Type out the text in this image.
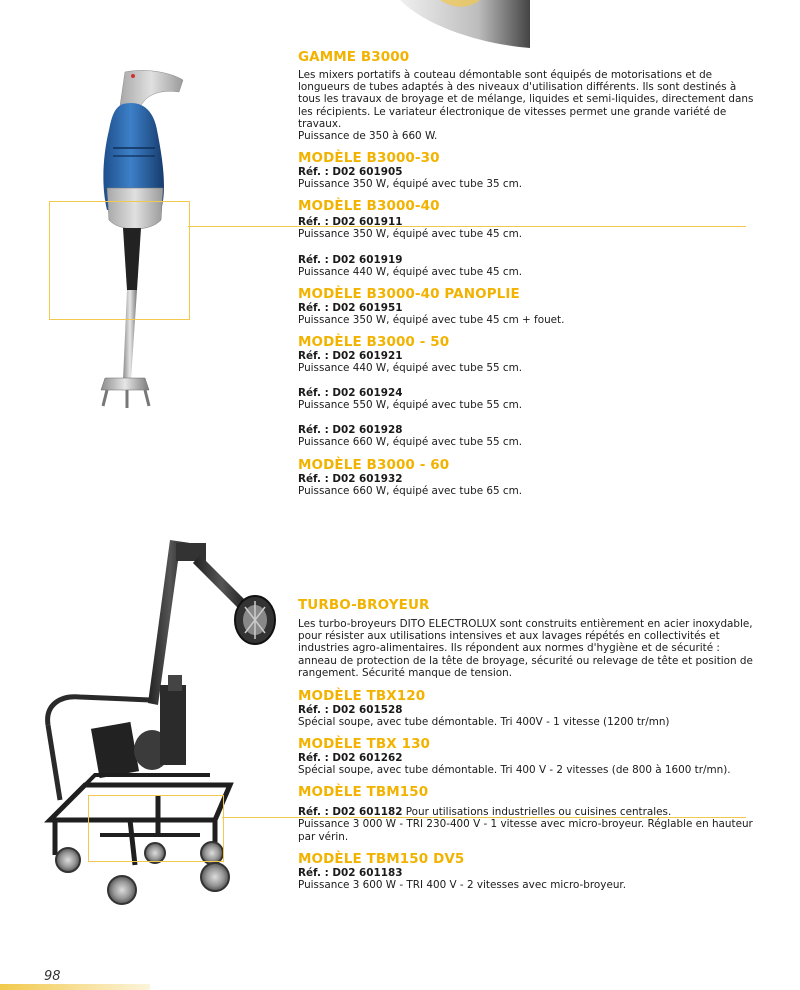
GAMME B3000

Les mixers portatifs à couteau démontable sont équipés de motorisations et de longueurs de tubes adaptés à des niveaux d'utilisation différents. Ils sont destinés à tous les travaux de broyage et de mélange, liquides et semi-liquides, directement dans les récipients. Le variateur électronique de vitesses permet une grande variété de travaux.

Puissance de 350 à 660 W.

MODÈLE B3000-30

Réf. : D02 601905

Puissance 350 W, équipé avec tube 35 cm.

MODÈLE B3000-40

Réf. : D02 601911

Puissance 350 W, équipé avec tube 45 cm.

Réf. : D02 601919

Puissance 440 W, équipé avec tube 45 cm.

MODÈLE B3000-40 PANOPLIE

Réf. : D02 601951

Puissance 350 W, équipé avec tube 45 cm + fouet.

MODÈLE B3000 - 50

Réf. : D02 601921

Puissance 440 W, équipé avec tube 55 cm.

Réf. : D02 601924

Puissance 550 W, équipé avec tube 55 cm.

Réf. : D02 601928

Puissance 660 W, équipé avec tube 55 cm.

MODÈLE B3000 - 60

Réf. : D02 601932

Puissance 660 W, équipé avec tube 65 cm.

TURBO-BROYEUR

Les turbo-broyeurs DITO ELECTROLUX sont construits entièrement en acier inoxydable, pour résister aux utilisations intensives et aux lavages répétés en collectivités et industries agro-alimentaires. Ils répondent aux normes d'hygiène et de sécurité : anneau de protection de la tête de broyage, sécurité ou relevage de tête et position de rangement. Sécurité manque de tension.

MODÈLE TBX120

Réf. : D02 601528

Spécial soupe, avec tube démontable. Tri 400V - 1 vitesse (1200 tr/mn)

MODÈLE TBX 130

Réf. : D02 601262

Spécial soupe, avec tube démontable. Tri 400 V - 2 vitesses (de 800 à 1600 tr/mn).

MODÈLE TBM150

Réf. : D02 601182 Pour utilisations industrielles ou cuisines centrales.

Puissance 3 000 W - TRI 230-400 V - 1 vitesse avec micro-broyeur. Réglable en hauteur par vérin.

MODÈLE TBM150 DV5

Réf. : D02 601183

Puissance 3 600 W - TRI 400 V - 2 vitesses avec micro-broyeur.

98
